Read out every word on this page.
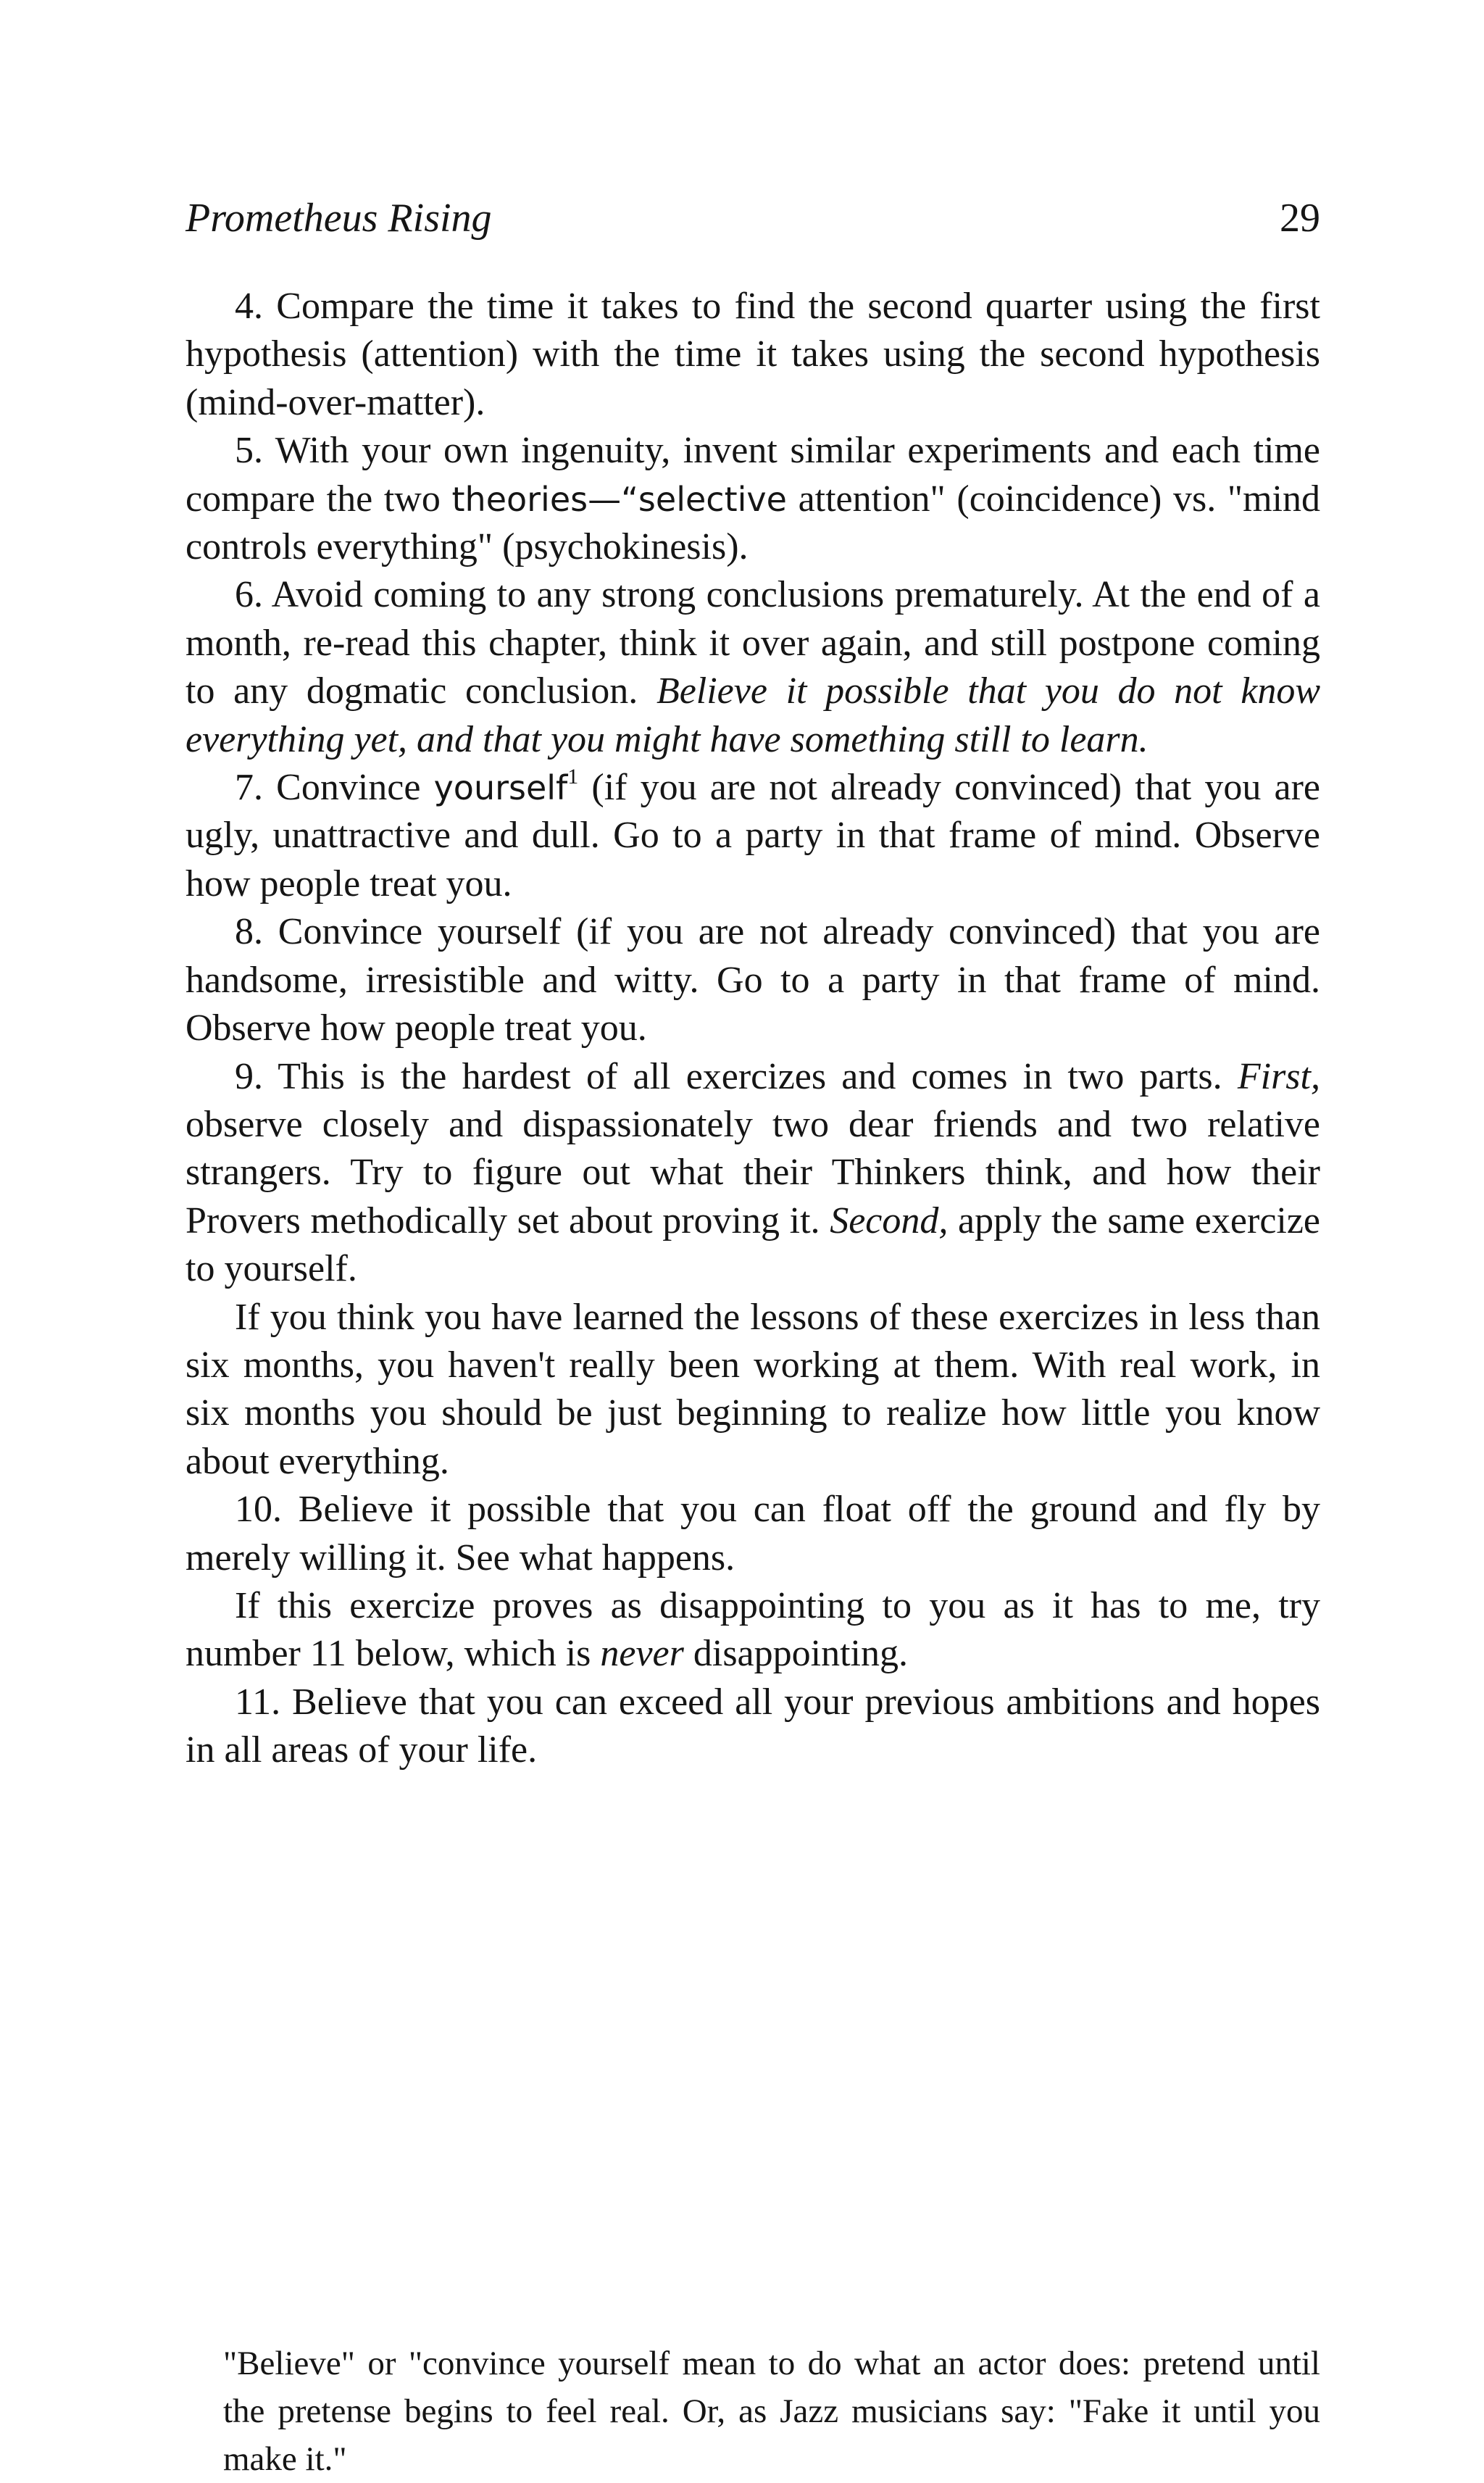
Prometheus Rising	29

4. Compare the time it takes to find the second quarter using the first hypothesis (attention) with the time it takes using the second hypothesis (mind-over-matter).

5. With your own ingenuity, invent similar experiments and each time compare the two theories—“selective attention" (coincidence) vs. "mind controls everything" (psychokinesis).

6. Avoid coming to any strong conclusions prematurely. At the end of a month, re-read this chapter, think it over again, and still postpone coming to any dogmatic conclusion. Believe it possible that you do not know everything yet, and that you might have something still to learn.

7. Convince yourself$^1$ (if you are not already convinced) that you are ugly, unattractive and dull. Go to a party in that frame of mind. Observe how people treat you.

8. Convince yourself (if you are not already convinced) that you are handsome, irresistible and witty. Go to a party in that frame of mind. Observe how people treat you.

9. This is the hardest of all exercizes and comes in two parts. First, observe closely and dispassionately two dear friends and two relative strangers. Try to figure out what their Thinkers think, and how their Provers methodically set about proving it. Second, apply the same exercize to yourself.

If you think you have learned the lessons of these exercizes in less than six months, you haven't really been working at them. With real work, in six months you should be just beginning to realize how little you know about everything.

10. Believe it possible that you can float off the ground and fly by merely willing it. See what happens.

If this exercize proves as disappointing to you as it has to me, try number 11 below, which is never disappointing.

11. Believe that you can exceed all your previous ambitions and hopes in all areas of your life.

"Believe" or "convince yourself mean to do what an actor does: pretend until the pretense begins to feel real. Or, as Jazz musicians say: "Fake it until you make it."
